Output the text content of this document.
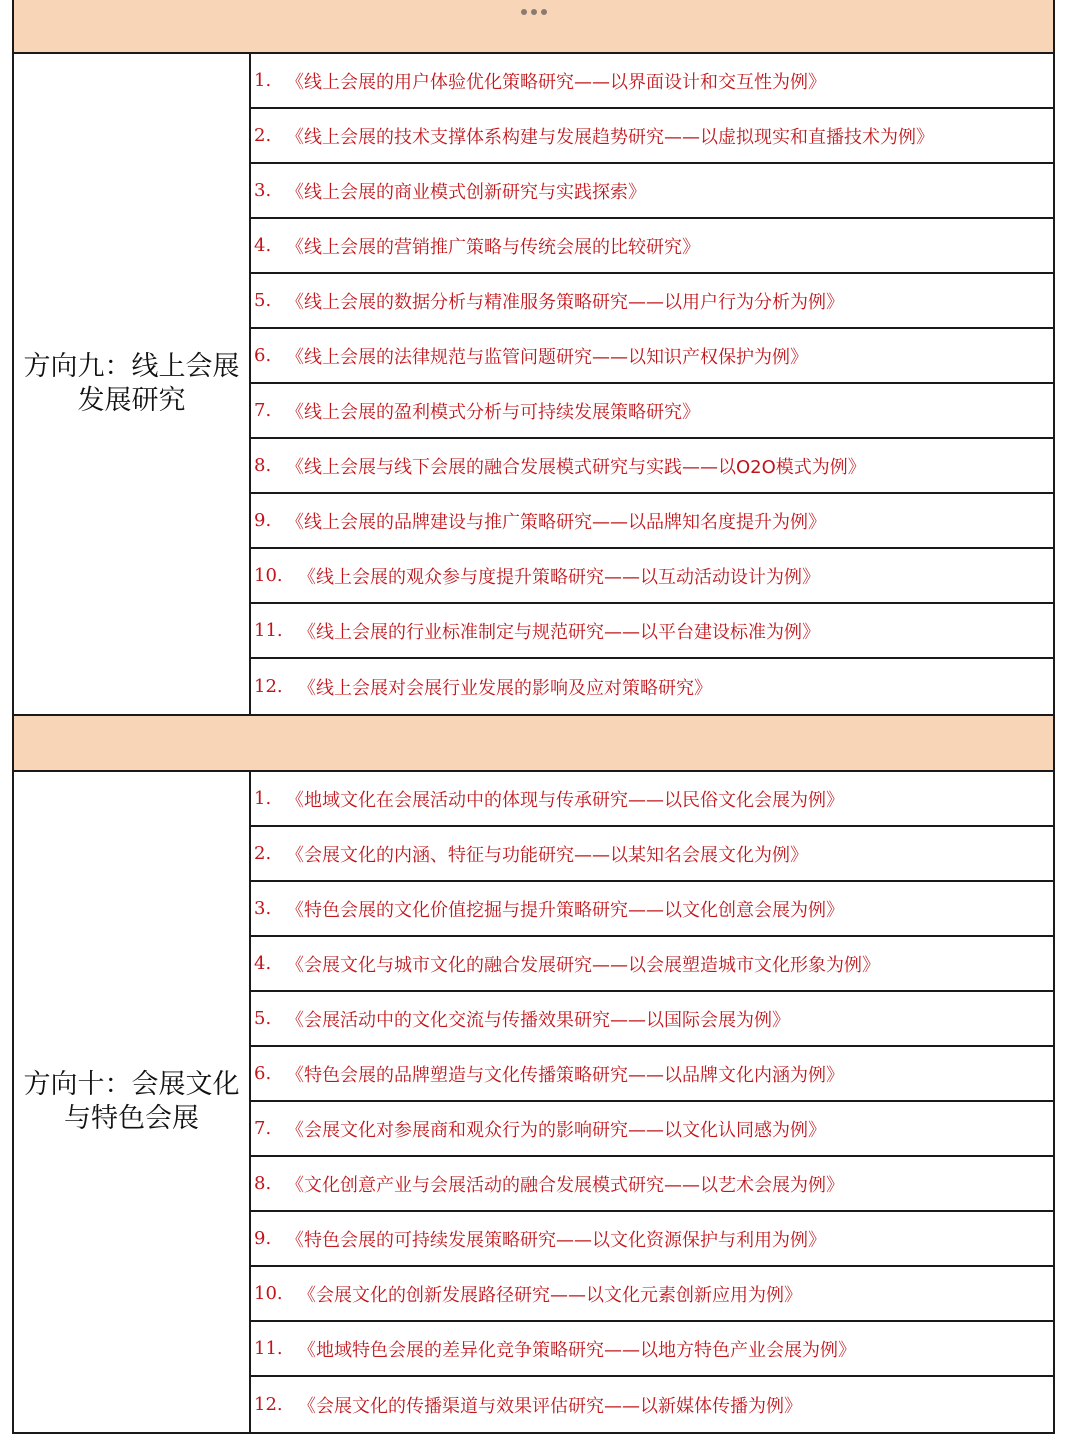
方向九：线上会展发展研究
1. 《线上会展的用户体验优化策略研究——以界面设计和交互性为例》
2. 《线上会展的技术支撑体系构建与发展趋势研究——以虚拟现实和直播技术为例》
3. 《线上会展的商业模式创新研究与实践探索》
4. 《线上会展的营销推广策略与传统会展的比较研究》
5. 《线上会展的数据分析与精准服务策略研究——以用户行为分析为例》
6. 《线上会展的法律规范与监管问题研究——以知识产权保护为例》
7. 《线上会展的盈利模式分析与可持续发展策略研究》
8. 《线上会展与线下会展的融合发展模式研究与实践——以O2O模式为例》
9. 《线上会展的品牌建设与推广策略研究——以品牌知名度提升为例》
10. 《线上会展的观众参与度提升策略研究——以互动活动设计为例》
11. 《线上会展的行业标准制定与规范研究——以平台建设标准为例》
12. 《线上会展对会展行业发展的影响及应对策略研究》
方向十：会展文化与特色会展
1. 《地域文化在会展活动中的体现与传承研究——以民俗文化会展为例》
2. 《会展文化的内涵、特征与功能研究——以某知名会展文化为例》
3. 《特色会展的文化价值挖掘与提升策略研究——以文化创意会展为例》
4. 《会展文化与城市文化的融合发展研究——以会展塑造城市文化形象为例》
5. 《会展活动中的文化交流与传播效果研究——以国际会展为例》
6. 《特色会展的品牌塑造与文化传播策略研究——以品牌文化内涵为例》
7. 《会展文化对参展商和观众行为的影响研究——以文化认同感为例》
8. 《文化创意产业与会展活动的融合发展模式研究——以艺术会展为例》
9. 《特色会展的可持续发展策略研究——以文化资源保护与利用为例》
10. 《会展文化的创新发展路径研究——以文化元素创新应用为例》
11. 《地域特色会展的差异化竞争策略研究——以地方特色产业会展为例》
12. 《会展文化的传播渠道与效果评估研究——以新媒体传播为例》
